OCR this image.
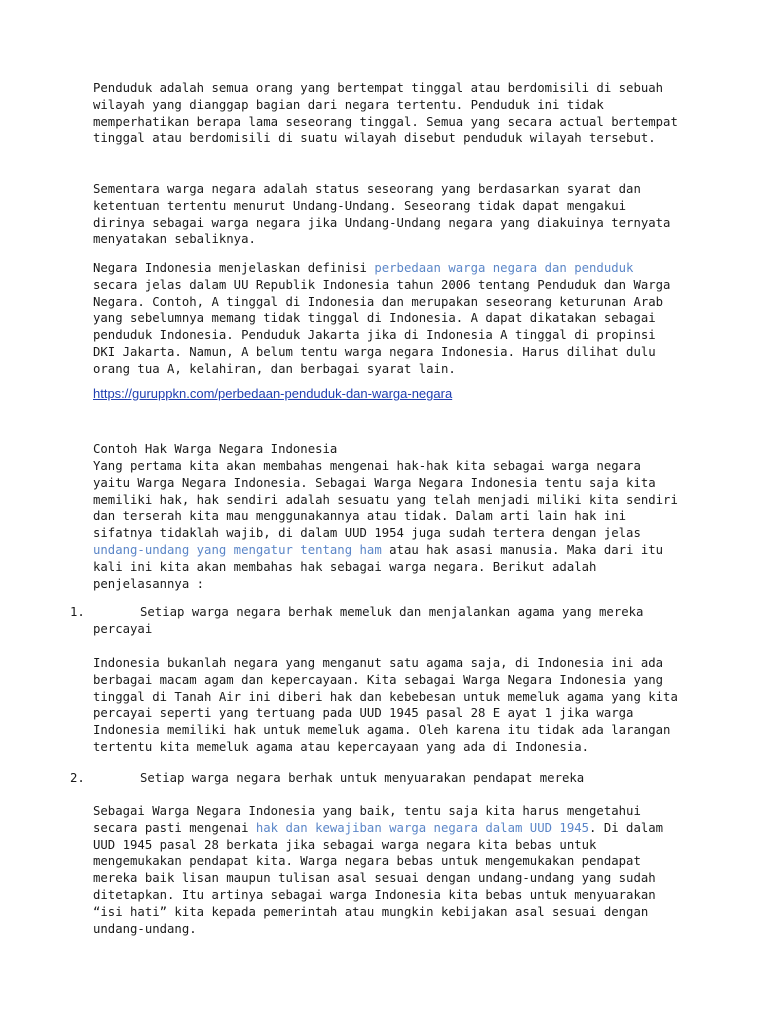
Penduduk adalah semua orang yang bertempat tinggal atau berdomisili di sebuah wilayah yang dianggap bagian dari negara tertentu. Penduduk ini tidak memperhatikan berapa lama seseorang tinggal. Semua yang secara actual bertempat tinggal atau berdomisili di suatu wilayah disebut penduduk wilayah tersebut.

Sementara warga negara adalah status seseorang yang berdasarkan syarat dan ketentuan tertentu menurut Undang-Undang. Seseorang tidak dapat mengakui dirinya sebagai warga negara jika Undang-Undang negara yang diakuinya ternyata menyatakan sebaliknya.

Negara Indonesia menjelaskan definisi perbedaan warga negara dan penduduk secara jelas dalam UU Republik Indonesia tahun 2006 tentang Penduduk dan Warga Negara. Contoh, A tinggal di Indonesia dan merupakan seseorang keturunan Arab yang sebelumnya memang tidak tinggal di Indonesia. A dapat dikatakan sebagai penduduk Indonesia. Penduduk Jakarta jika di Indonesia A tinggal di propinsi DKI Jakarta. Namun, A belum tentu warga negara Indonesia. Harus dilihat dulu orang tua A, kelahiran, dan berbagai syarat lain.

https://guruppkn.com/perbedaan-penduduk-dan-warga-negara

Contoh Hak Warga Negara Indonesia

Yang pertama kita akan membahas mengenai hak-hak kita sebagai warga negara yaitu Warga Negara Indonesia. Sebagai Warga Negara Indonesia tentu saja kita memiliki hak, hak sendiri adalah sesuatu yang telah menjadi miliki kita sendiri dan terserah kita mau menggunakannya atau tidak. Dalam arti lain hak ini sifatnya tidaklah wajib, di dalam UUD 1954 juga sudah tertera dengan jelas undang-undang yang mengatur tentang ham atau hak asasi manusia. Maka dari itu kali ini kita akan membahas hak sebagai warga negara. Berikut adalah penjelasannya :

1.	Setiap warga negara berhak memeluk dan menjalankan agama yang mereka percayai

Indonesia bukanlah negara yang menganut satu agama saja, di Indonesia ini ada berbagai macam agam dan kepercayaan. Kita sebagai Warga Negara Indonesia yang tinggal di Tanah Air ini diberi hak dan kebebesan untuk memeluk agama yang kita percayai seperti yang tertuang pada UUD 1945 pasal 28 E ayat 1 jika warga Indonesia memiliki hak untuk memeluk agama. Oleh karena itu tidak ada larangan tertentu kita memeluk agama atau kepercayaan yang ada di Indonesia.

2.	Setiap warga negara berhak untuk menyuarakan pendapat mereka

Sebagai Warga Negara Indonesia yang baik, tentu saja kita harus mengetahui secara pasti mengenai hak dan kewajiban warga negara dalam UUD 1945. Di dalam UUD 1945 pasal 28 berkata jika sebagai warga negara kita bebas untuk mengemukakan pendapat kita. Warga negara bebas untuk mengemukakan pendapat mereka baik lisan maupun tulisan asal sesuai dengan undang-undang yang sudah ditetapkan. Itu artinya sebagai warga Indonesia kita bebas untuk menyuarakan “isi hati” kita kepada pemerintah atau mungkin kebijakan asal sesuai dengan undang-undang.
